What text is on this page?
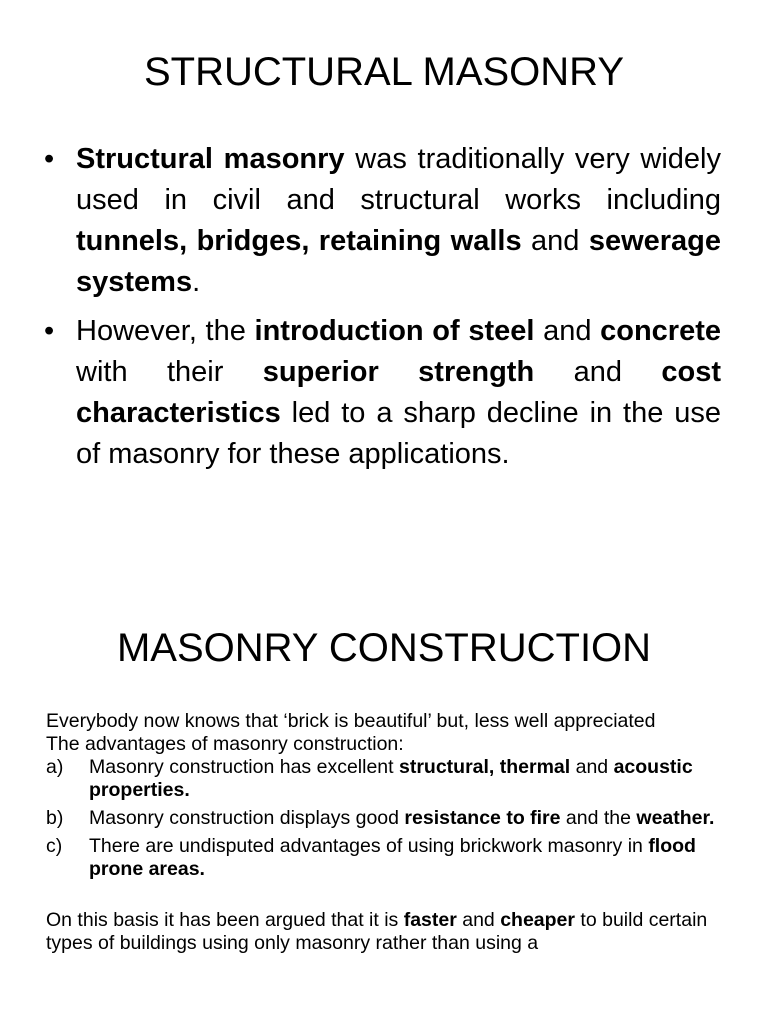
STRUCTURAL MASONRY
• Structural masonry was traditionally very widely used in civil and structural works including tunnels, bridges, retaining walls and sewerage systems.
• However, the introduction of steel and concrete with their superior strength and cost characteristics led to a sharp decline in the use of masonry for these applications.
MASONRY CONSTRUCTION

Everybody now knows that ‘brick is beautiful’ but, less well appreciated

The advantages of masonry construction:

a) Masonry construction has excellent structural, thermal and acoustic properties.
b) Masonry construction displays good resistance to fire and the weather.
c) There are undisputed advantages of using brickwork masonry in flood prone areas.

On this basis it has been argued that it is faster and cheaper to build certain types of buildings using only masonry rather than using a
